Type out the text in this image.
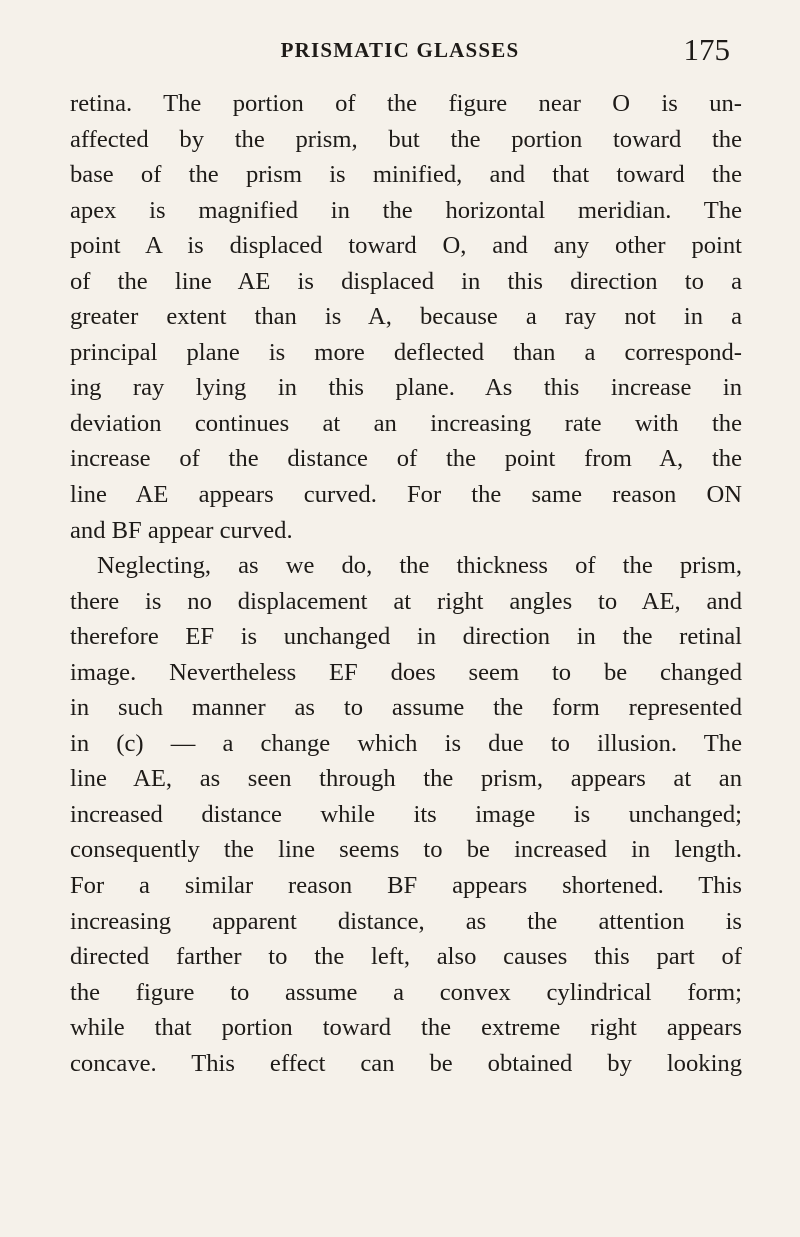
PRISMATIC GLASSES	175
retina. The portion of the figure near O is un-
affected by the prism, but the portion toward the
base of the prism is minified, and that toward the
apex is magnified in the horizontal meridian. The
point A is displaced toward O, and any other point
of the line AE is displaced in this direction to a
greater extent than is A, because a ray not in a
principal plane is more deflected than a correspond-
ing ray lying in this plane. As this increase in
deviation continues at an increasing rate with the
increase of the distance of the point from A, the
line AE appears curved. For the same reason ON
and BF appear curved.
Neglecting, as we do, the thickness of the prism,
there is no displacement at right angles to AE, and
therefore EF is unchanged in direction in the retinal
image. Nevertheless EF does seem to be changed
in such manner as to assume the form represented
in (c) — a change which is due to illusion. The
line AE, as seen through the prism, appears at an
increased distance while its image is unchanged;
consequently the line seems to be increased in length.
For a similar reason BF appears shortened. This
increasing apparent distance, as the attention is
directed farther to the left, also causes this part of
the figure to assume a convex cylindrical form;
while that portion toward the extreme right appears
concave. This effect can be obtained by looking
